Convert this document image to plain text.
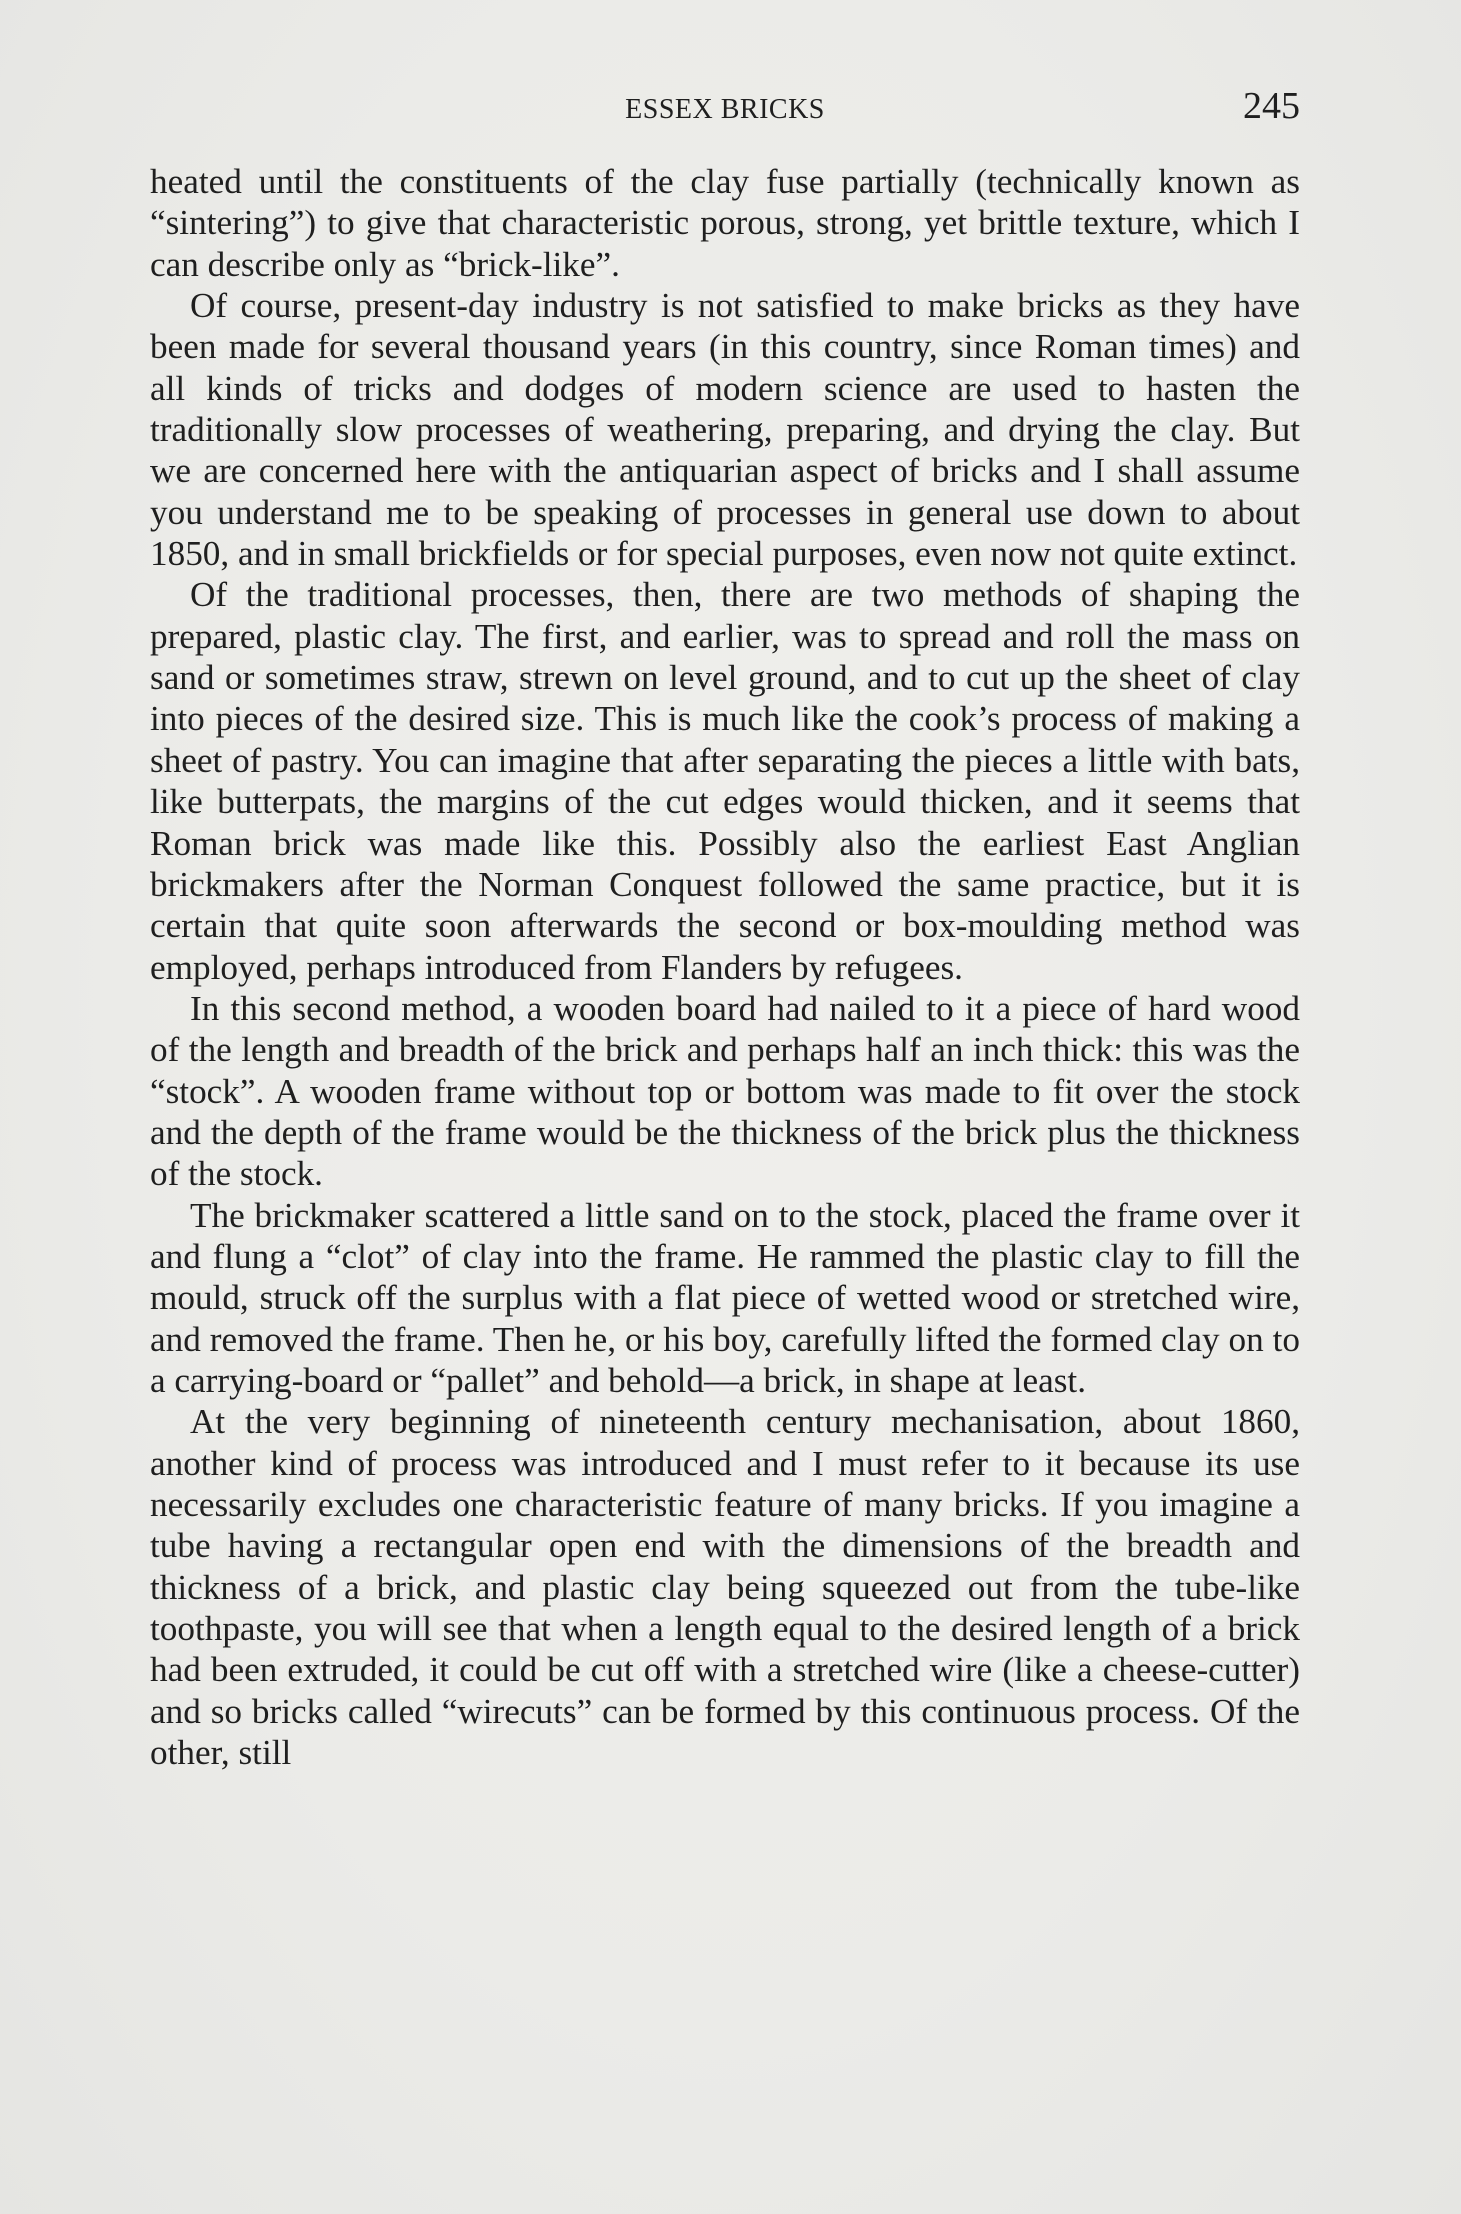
ESSEX BRICKS	245

heated until the constituents of the clay fuse partially (technically known as “sintering”) to give that characteristic porous, strong, yet brittle texture, which I can describe only as “brick-like”.

Of course, present-day industry is not satisfied to make bricks as they have been made for several thousand years (in this country, since Roman times) and all kinds of tricks and dodges of modern science are used to hasten the traditionally slow processes of weathering, preparing, and drying the clay. But we are concerned here with the antiquarian aspect of bricks and I shall assume you understand me to be speaking of processes in general use down to about 1850, and in small brickfields or for special purposes, even now not quite extinct.

Of the traditional processes, then, there are two methods of shaping the prepared, plastic clay. The first, and earlier, was to spread and roll the mass on sand or sometimes straw, strewn on level ground, and to cut up the sheet of clay into pieces of the desired size. This is much like the cook’s process of making a sheet of pastry. You can imagine that after separating the pieces a little with bats, like butterpats, the margins of the cut edges would thicken, and it seems that Roman brick was made like this. Possibly also the earliest East Anglian brickmakers after the Norman Conquest followed the same practice, but it is certain that quite soon afterwards the second or box-moulding method was employed, perhaps introduced from Flanders by refugees.

In this second method, a wooden board had nailed to it a piece of hard wood of the length and breadth of the brick and perhaps half an inch thick: this was the “stock”. A wooden frame without top or bottom was made to fit over the stock and the depth of the frame would be the thickness of the brick plus the thickness of the stock.

The brickmaker scattered a little sand on to the stock, placed the frame over it and flung a “clot” of clay into the frame. He rammed the plastic clay to fill the mould, struck off the surplus with a flat piece of wetted wood or stretched wire, and removed the frame. Then he, or his boy, carefully lifted the formed clay on to a carrying-board or “pallet” and behold—a brick, in shape at least.

At the very beginning of nineteenth century mechanisation, about 1860, another kind of process was introduced and I must refer to it because its use necessarily excludes one characteristic feature of many bricks. If you imagine a tube having a rectangular open end with the dimensions of the breadth and thickness of a brick, and plastic clay being squeezed out from the tube-like toothpaste, you will see that when a length equal to the desired length of a brick had been extruded, it could be cut off with a stretched wire (like a cheese-cutter) and so bricks called “wirecuts” can be formed by this continuous process. Of the other, still
